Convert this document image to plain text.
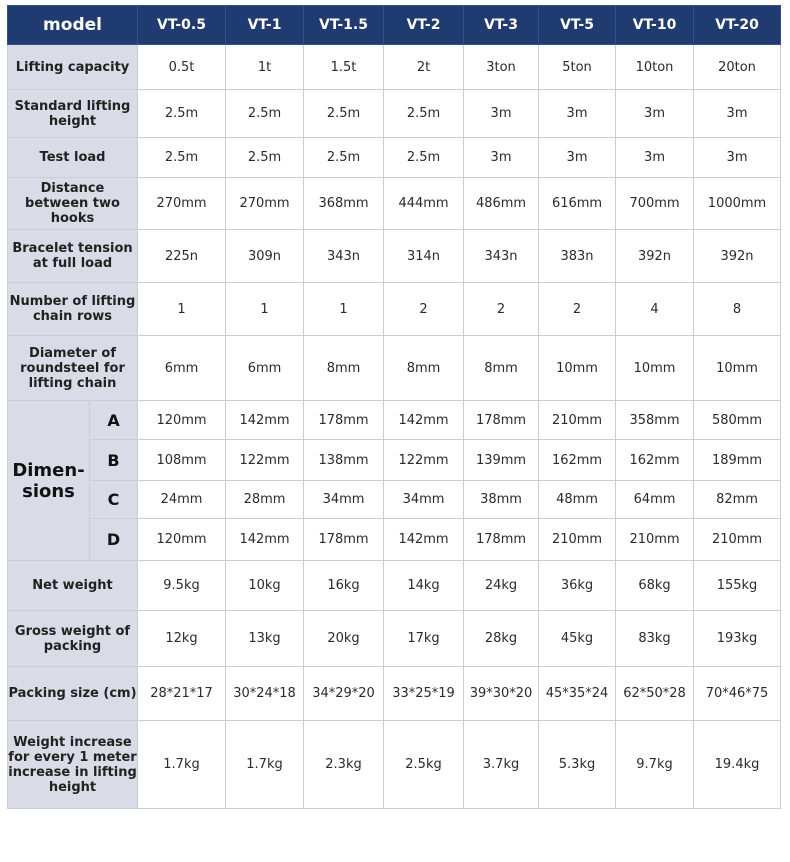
model		VT-0.5	VT-1	VT-1.5	VT-2	VT-3	VT-5	VT-10	VT-20
Lifting capacity		0.5t	1t	1.5t	2t	3ton	5ton	10ton	20ton
Standard lifting height		2.5m	2.5m	2.5m	2.5m	3m	3m	3m	3m
Test load		2.5m	2.5m	2.5m	2.5m	3m	3m	3m	3m
Distance between two hooks		270mm	270mm	368mm	444mm	486mm	616mm	700mm	1000mm
Bracelet tension at full load		225n	309n	343n	314n	343n	383n	392n	392n
Number of lifting chain rows		1	1	1	2	2	2	4	8
Diameter of roundsteel for lifting chain		6mm	6mm	8mm	8mm	8mm	10mm	10mm	10mm
Dimen-sions	A	120mm	142mm	178mm	142mm	178mm	210mm	358mm	580mm
	B	108mm	122mm	138mm	122mm	139mm	162mm	162mm	189mm
	C	24mm	28mm	34mm	34mm	38mm	48mm	64mm	82mm
	D	120mm	142mm	178mm	142mm	178mm	210mm	210mm	210mm
Net weight		9.5kg	10kg	16kg	14kg	24kg	36kg	68kg	155kg
Gross weight of packing		12kg	13kg	20kg	17kg	28kg	45kg	83kg	193kg
Packing size (cm)		28*21*17	30*24*18	34*29*20	33*25*19	39*30*20	45*35*24	62*50*28	70*46*75
Weight increase for every 1 meter increase in lifting height		1.7kg	1.7kg	2.3kg	2.5kg	3.7kg	5.3kg	9.7kg	19.4kg
